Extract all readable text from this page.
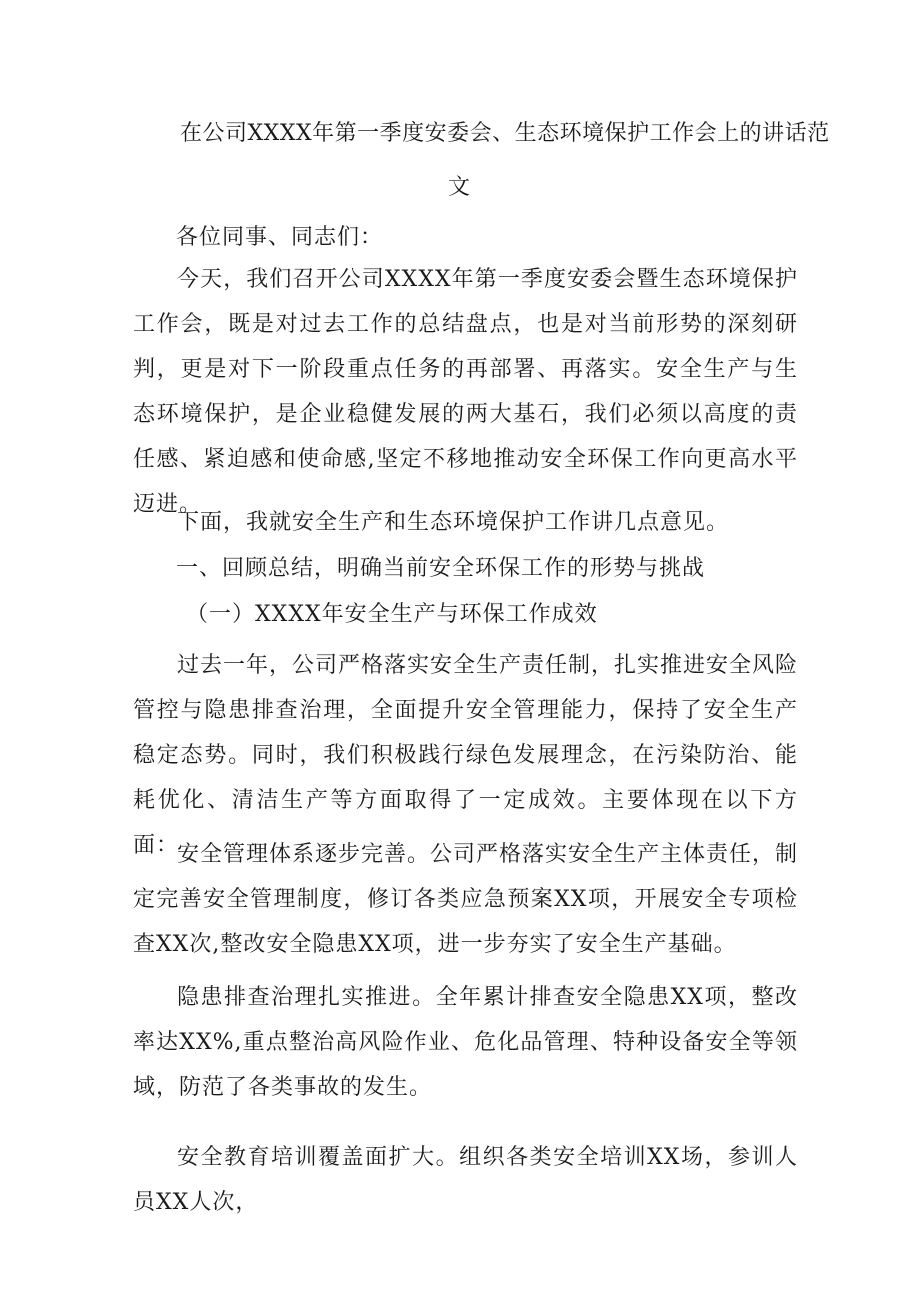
在公司XXXX年第一季度安委会、生态环境保护工作会上的讲话范
文

各位同事、同志们：

今天，我们召开公司XXXX年第一季度安委会暨生态环境保护工作会，既是对过去工作的总结盘点，也是对当前形势的深刻研判，更是对下一阶段重点任务的再部署、再落实。安全生产与生态环境保护，是企业稳健发展的两大基石，我们必须以高度的责任感、紧迫感和使命感,坚定不移地推动安全环保工作向更高水平迈进。

下面，我就安全生产和生态环境保护工作讲几点意见。

一、回顾总结，明确当前安全环保工作的形势与挑战

（一）XXXX年安全生产与环保工作成效

过去一年，公司严格落实安全生产责任制，扎实推进安全风险管控与隐患排查治理，全面提升安全管理能力，保持了安全生产稳定态势。同时，我们积极践行绿色发展理念，在污染防治、能耗优化、清洁生产等方面取得了一定成效。主要体现在以下方面：

安全管理体系逐步完善。公司严格落实安全生产主体责任，制定完善安全管理制度，修订各类应急预案XX项，开展安全专项检查XX次,整改安全隐患XX项，进一步夯实了安全生产基础。

隐患排查治理扎实推进。全年累计排查安全隐患XX项，整改率达XX%,重点整治高风险作业、危化品管理、特种设备安全等领域，防范了各类事故的发生。

安全教育培训覆盖面扩大。组织各类安全培训XX场，参训人员XX人次，
